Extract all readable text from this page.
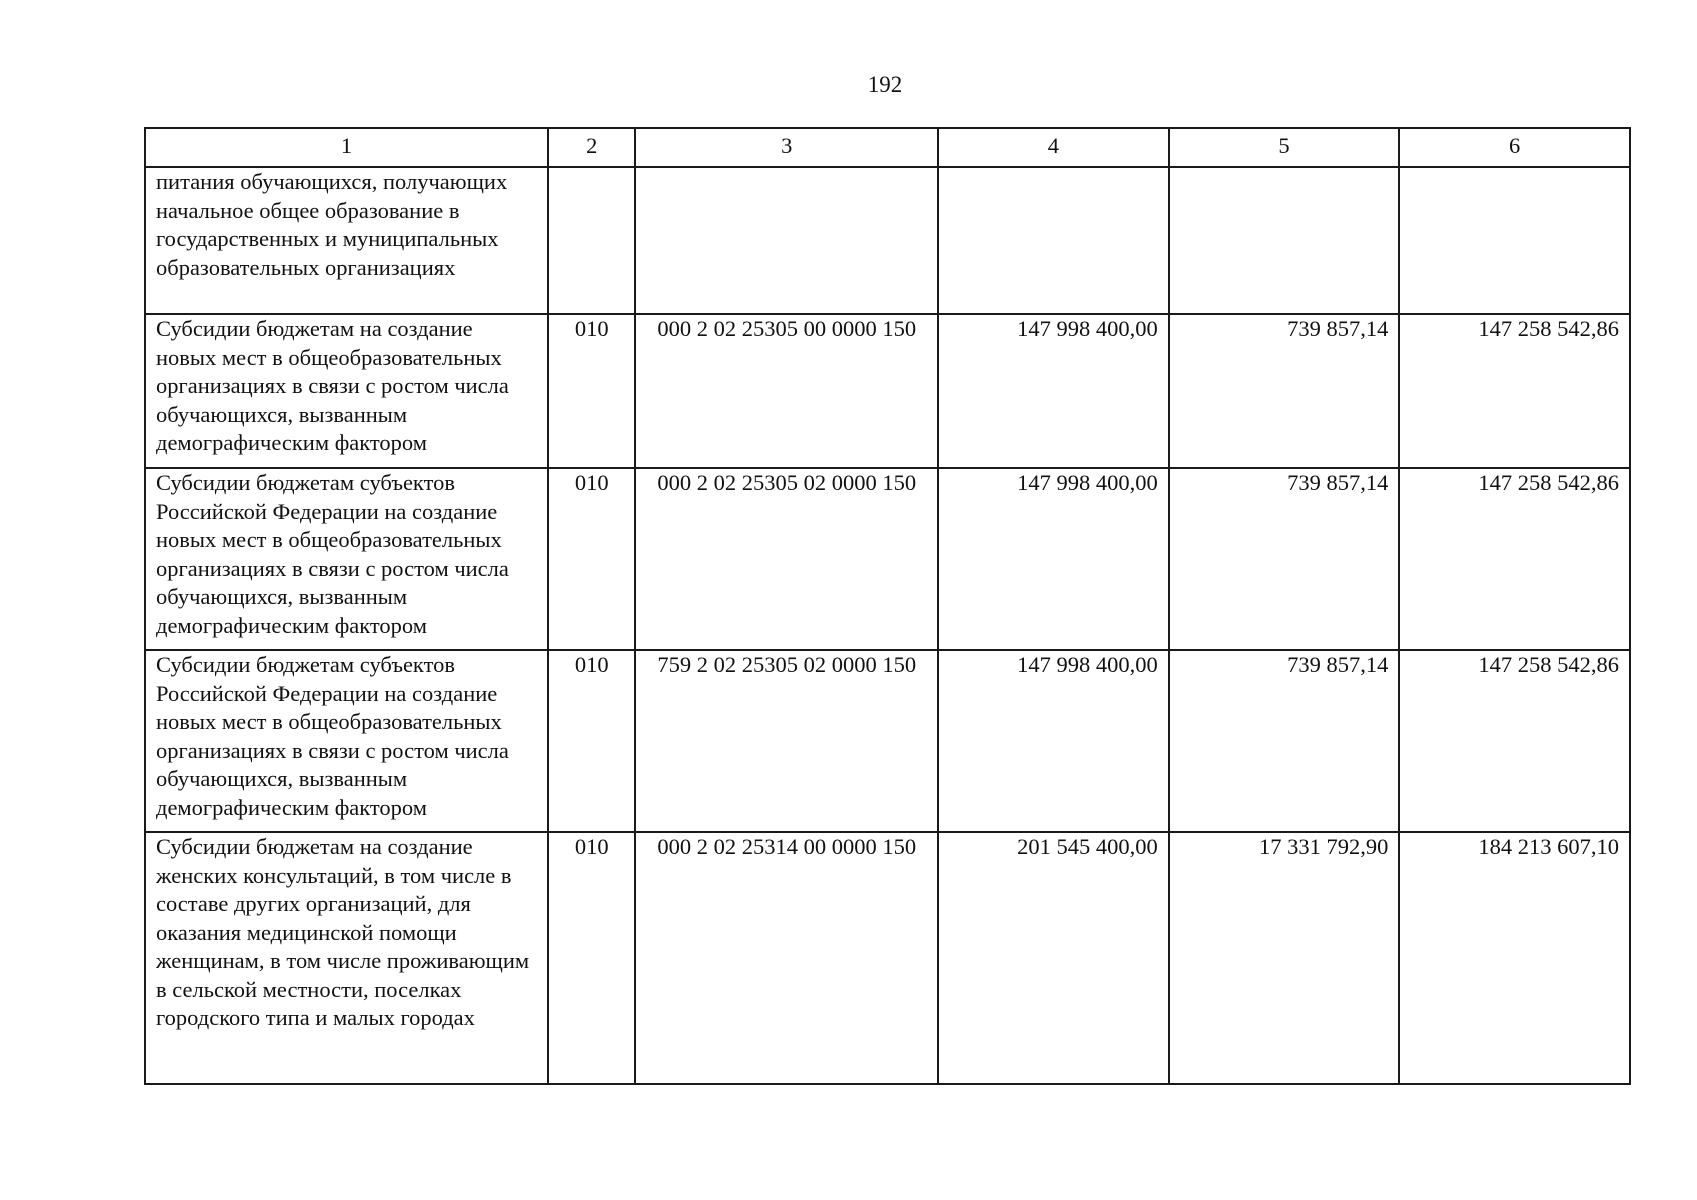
192
1	2	3	4	5	6
питания обучающихся, получающих начальное общее образование в государственных и муниципальных образовательных организациях					
Субсидии бюджетам на создание новых мест в общеобразовательных организациях в связи с ростом числа обучающихся, вызванным демографическим фактором	010	000 2 02 25305 00 0000 150	147 998 400,00	739 857,14	147 258 542,86
Субсидии бюджетам субъектов Российской Федерации на создание новых мест в общеобразовательных организациях в связи с ростом числа обучающихся, вызванным демографическим фактором	010	000 2 02 25305 02 0000 150	147 998 400,00	739 857,14	147 258 542,86
Субсидии бюджетам субъектов Российской Федерации на создание новых мест в общеобразовательных организациях в связи с ростом числа обучающихся, вызванным демографическим фактором	010	759 2 02 25305 02 0000 150	147 998 400,00	739 857,14	147 258 542,86
Субсидии бюджетам на создание женских консультаций, в том числе в составе других организаций, для оказания медицинской помощи женщинам, в том числе проживающим в сельской местности, поселках городского типа и малых городах	010	000 2 02 25314 00 0000 150	201 545 400,00	17 331 792,90	184 213 607,10
